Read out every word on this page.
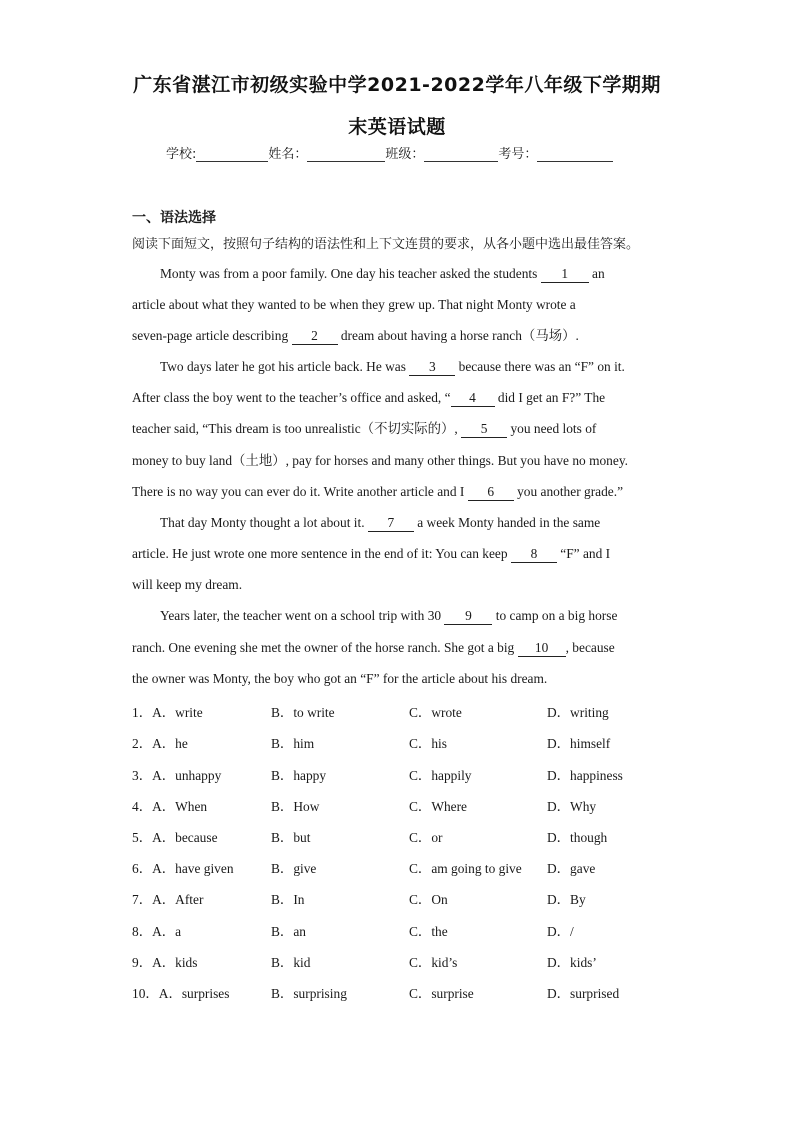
广东省湛江市初级实验中学2021-2022学年八年级下学期期
末英语试题
学校:	姓名：	班级：	考号：
一、语法选择
阅读下面短文，按照句子结构的语法性和上下文连贯的要求，从各小题中选出最佳答案。
Monty was from a poor family. One day his teacher asked the students 1 an
article about what they wanted to be when they grew up. That night Monty wrote a
seven-page article describing 2 dream about having a horse ranch（马场）.
Two days later he got his article back. He was 3 because there was an “F” on it.
After class the boy went to the teacher’s office and asked, “ 4 did I get an F?” The
teacher said, “This dream is too unrealistic（不切实际的）, 5 you need lots of
money to buy land（土地）, pay for horses and many other things. But you have no money.
There is no way you can ever do it. Write another article and I 6 you another grade.”
That day Monty thought a lot about it. 7 a week Monty handed in the same
article. He just wrote one more sentence in the end of it: You can keep 8 “F” and I
will keep my dream.
Years later, the teacher went on a school trip with 30 9 to camp on a big horse
ranch. One evening she met the owner of the horse ranch. She got a big 10 , because
the owner was Monty, the boy who got an “F” for the article about his dream.
1．A．write	B．to write	C．wrote	D．writing
2．A．he	B．him	C．his	D．himself
3．A．unhappy	B．happy	C．happily	D．happiness
4．A．When	B．How	C．Where	D．Why
5．A．because	B．but	C．or	D．though
6．A．have given	B．give	C．am going to give D．gave
7．A．After	B．In	C．On	D．By
8．A．a	B．an	C．the	D．/
9．A．kids	B．kid	C．kid’s	D．kids’
10．A．surprises	B．surprising	C．surprise	D．surprised
